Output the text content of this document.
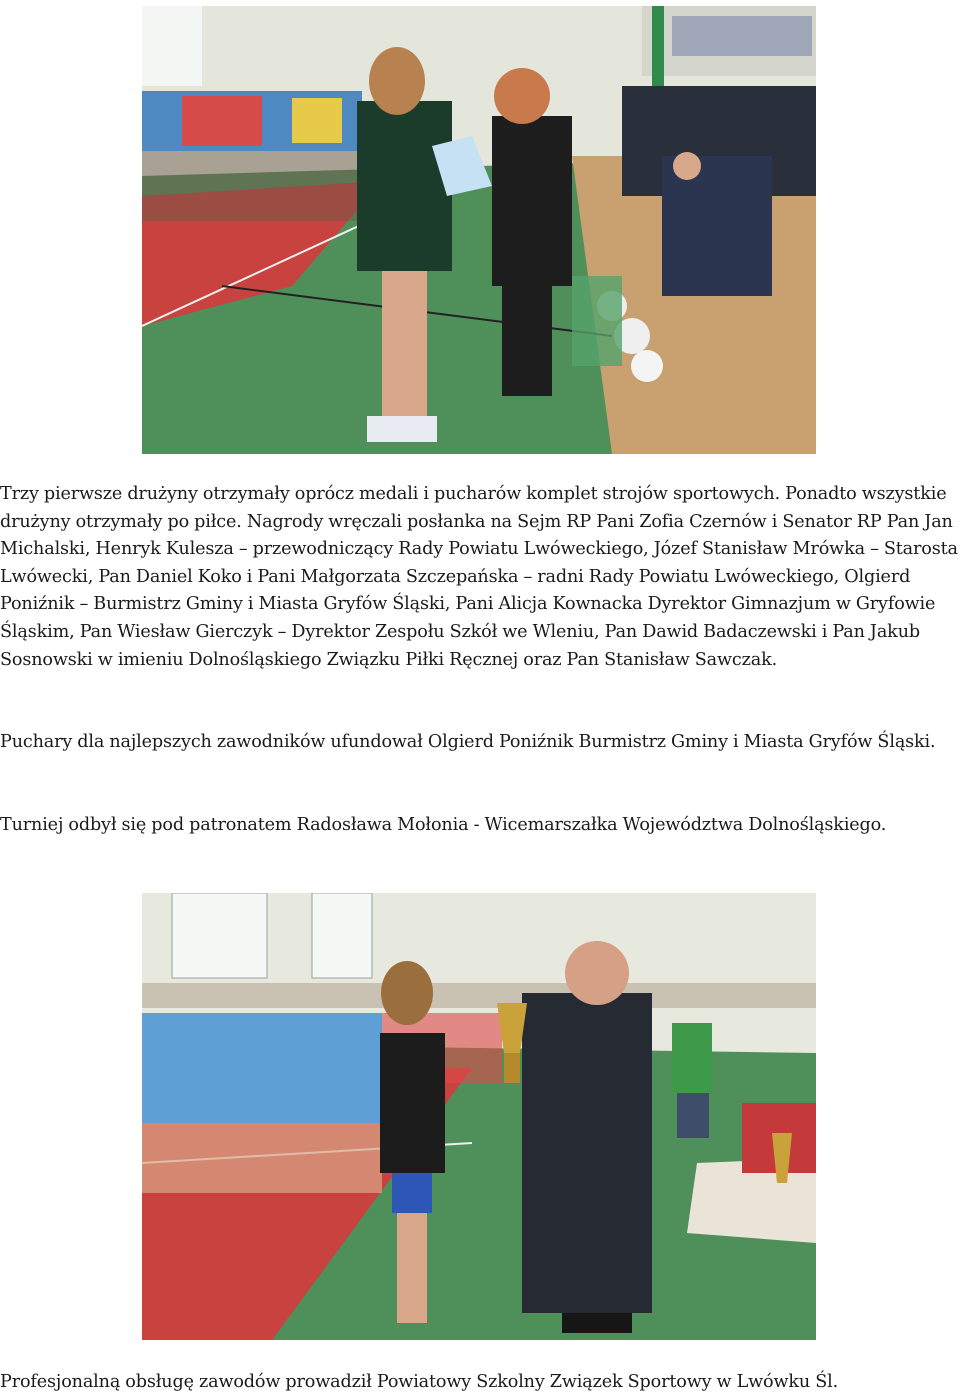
Trzy pierwsze drużyny otrzymały oprócz medali i pucharów komplet strojów sportowych. Ponadto wszystkie drużyny otrzymały po piłce. Nagrody wręczali posłanka na Sejm RP Pani Zofia Czernów i Senator RP Pan Jan Michalski, Henryk Kulesza – przewodniczący Rady Powiatu Lwóweckiego, Józef Stanisław Mrówka – Starosta Lwówecki, Pan Daniel Koko i Pani Małgorzata Szczepańska – radni Rady Powiatu Lwóweckiego, Olgierd Poniźnik – Burmistrz Gminy i Miasta Gryfów Śląski, Pani Alicja Kownacka Dyrektor Gimnazjum w Gryfowie Śląskim, Pan Wiesław Gierczyk – Dyrektor Zespołu Szkół we Wleniu, Pan Dawid Badaczewski i Pan Jakub Sosnowski w imieniu Dolnośląskiego Związku Piłki Ręcznej oraz Pan Stanisław Sawczak.

Puchary dla najlepszych zawodników ufundował Olgierd Poniźnik Burmistrz Gminy i Miasta Gryfów Śląski.

Turniej odbył się pod patronatem Radosława Mołonia - Wicemarszałka Województwa Dolnośląskiego.

Profesjonalną obsługę zawodów prowadził Powiatowy Szkolny Związek Sportowy w Lwówku Śl.
